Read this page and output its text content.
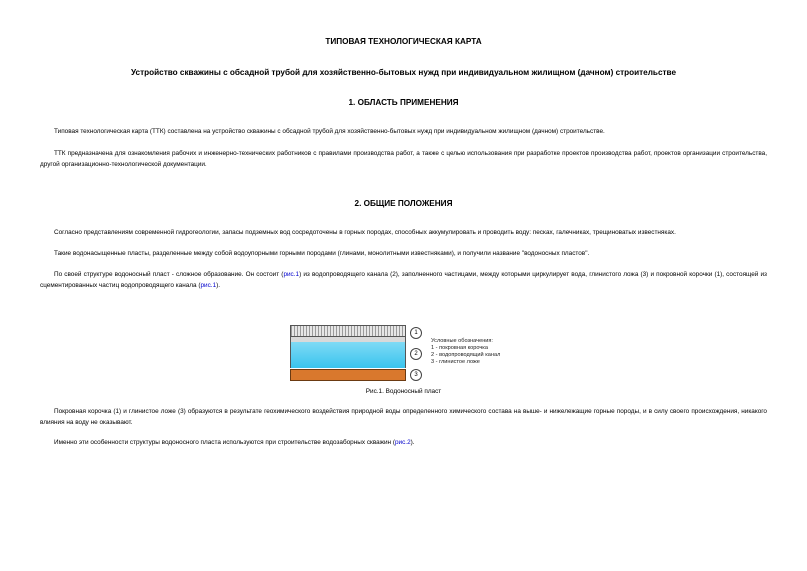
ТИПОВАЯ ТЕХНОЛОГИЧЕСКАЯ КАРТА
Устройство скважины с обсадной трубой для хозяйственно-бытовых нужд при индивидуальном жилищном (дачном) строительстве
1. ОБЛАСТЬ ПРИМЕНЕНИЯ
Типовая технологическая карта (ТТК) составлена на устройство скважины с обсадной трубой для хозяйственно-бытовых нужд при индивидуальном жилищном (дачном) строительстве.
ТТК предназначена для ознакомления рабочих и инженерно-технических работников с правилами производства работ, а также с целью использования при разработке проектов производства работ, проектов организации строительства, другой организационно-технологической документации.
2. ОБЩИЕ ПОЛОЖЕНИЯ
Согласно представлениям современной гидрогеологии, запасы подземных вод сосредоточены в горных породах, способных аккумулировать и проводить воду: песках, галечниках, трещиноватых известняках.
Такие водонасыщенные пласты, разделенные между собой водоупорными горными породами (глинами, монолитными известняками), и получили название "водоносных пластов".
По своей структуре водоносный пласт - сложное образование. Он состоит (рис.1) из водопроводящего канала (2), заполненного частицами, между которыми циркулирует вода, глинистого ложа (3) и покровной корочки (1), состоящей из сцементированных частиц водопроводящего канала (рис.1).
1
2
3
Условные обозначения:
1 - покровная корочка
2 - водопроводящий канал
3 - глинистое ложе
Рис.1. Водоносный пласт
Покровная корочка (1) и глинистое ложе (3) образуются в результате геохимического воздействия природной воды определенного химического состава на выше- и нижележащие горные породы, и в силу своего происхождения, никакого влияния на воду не оказывают.
Именно эти особенности структуры водоносного пласта используются при строительстве водозаборных скважин (рис.2).
